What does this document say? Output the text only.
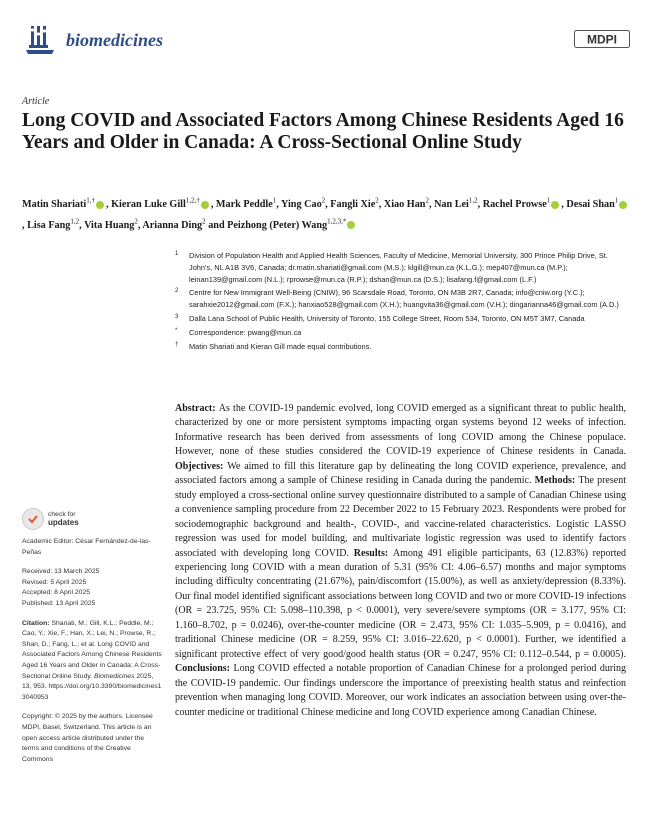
biomedicines	MDPI
Article
Long COVID and Associated Factors Among Chinese Residents Aged 16 Years and Older in Canada: A Cross-Sectional Online Study
Matin Shariati$^{1,\dagger}$ , Kieran Luke Gill$^{1,2,\dagger}$ , Mark Peddle$^1$, Ying Cao$^2$, Fangli Xie$^2$, Xiao Han$^2$, Nan Lei$^{1,2}$, Rachel Prowse$^1$ , Desai Shan$^1$, Lisa Fang$^{1,2}$, Vita Huang$^2$, Arianna Ding$^2$ and Peizhong (Peter) Wang$^{1,2,3,*}$
1 Division of Population Health and Applied Health Sciences, Faculty of Medicine, Memorial University, 300 Prince Philip Drive, St. John's, NL A1B 3V6, Canada; dr.matin.shariati@gmail.com (M.S.); klgill@mun.ca (K.L.G.); mep407@mun.ca (M.P.); leinan139@gmail.com (N.L.); rprowse@mun.ca (R.P.); dshan@mun.ca (D.S.); lisafang.f@gmail.com (L.F.)
2 Centre for New Immigrant Well-Being (CNIW), 96 Scarsdale Road, Toronto, ON M3B 2R7, Canada; info@cniw.org (Y.C.); sarahxie2012@gmail.com (F.X.); hanxiao528@gmail.com (X.H.); huangvita36@gmail.com (V.H.); dingarianna46@gmail.com (A.D.)
3 Dalla Lana School of Public Health, University of Toronto, 155 College Street, Room 534, Toronto, ON M5T 3M7, Canada
* Correspondence: pwang@mun.ca
† Matin Shariati and Kieran Gill made equal contributions.

Abstract: As the COVID-19 pandemic evolved, long COVID emerged as a significant threat to public health, characterized by one or more persistent symptoms impacting organ systems beyond 12 weeks of infection. Informative research has been derived from assessments of long COVID among the Chinese populace. However, none of these studies considered the COVID-19 experience of Chinese residents in Canada. Objectives: We aimed to fill this literature gap by delineating the long COVID experience, prevalence, and associated factors among a sample of Chinese residing in Canada during the pandemic. Methods: The present study employed a cross-sectional online survey questionnaire distributed to a sample of Canadian Chinese using a convenience sampling procedure from 22 December 2022 to 15 February 2023. Respondents were probed for sociodemographic background and health-, COVID-, and vaccine-related characteristics. Logistic LASSO regression was used for model building, and multivariate logistic regression was used to identify factors associated with developing long COVID. Results: Among 491 eligible participants, 63 (12.83%) reported experiencing long COVID with a mean duration of 5.31 (95% CI: 4.06–6.57) months and major symptoms including difficulty concentrating (21.67%), pain/discomfort (15.00%), as well as anxiety/depression (8.33%). Our final model identified significant associations between long COVID and two or more COVID-19 infections (OR = 23.725, 95% CI: 5.098–110.398, p < 0.0001), very severe/severe symptoms (OR = 3.177, 95% CI: 1.160–8.702, p = 0.0246), over-the-counter medicine (OR = 2.473, 95% CI: 1.035–5.909, p = 0.0416), and traditional Chinese medicine (OR = 8.259, 95% CI: 3.016–22.620, p < 0.0001). Further, we identified a significant protective effect of very good/good health status (OR = 0.247, 95% CI: 0.112–0.544, p = 0.0005). Conclusions: Long COVID effected a notable proportion of Canadian Chinese for a prolonged period during the COVID-19 pandemic. Our findings underscore the importance of preexisting health status and reinfection prevention when managing long COVID. Moreover, our work indicates an association between using over-the-counter medicine or traditional Chinese medicine and long COVID experience among Canadian Chinese.

check for
updates

Academic Editor: César Fernández-de-las-Peñas

Received: 13 March 2025

Revised: 5 April 2025

Accepted: 8 April 2025

Published: 13 April 2025

Citation: Shariati, M.; Gill, K.L.; Peddle, M.; Cao, Y.; Xie, F.; Han, X.; Lei, N.; Prowse, R.; Shan, D.; Fang, L.; et al. Long COVID and Associated Factors Among Chinese Residents Aged 16 Years and Older in Canada: A Cross-Sectional Online Study. Biomedicines 2025, 13, 953. https://doi.org/10.3390/biomedicines13040953

Copyright: © 2025 by the authors. Licensee MDPI, Basel, Switzerland. This article is an open access article distributed under the terms and conditions of the Creative Commons
